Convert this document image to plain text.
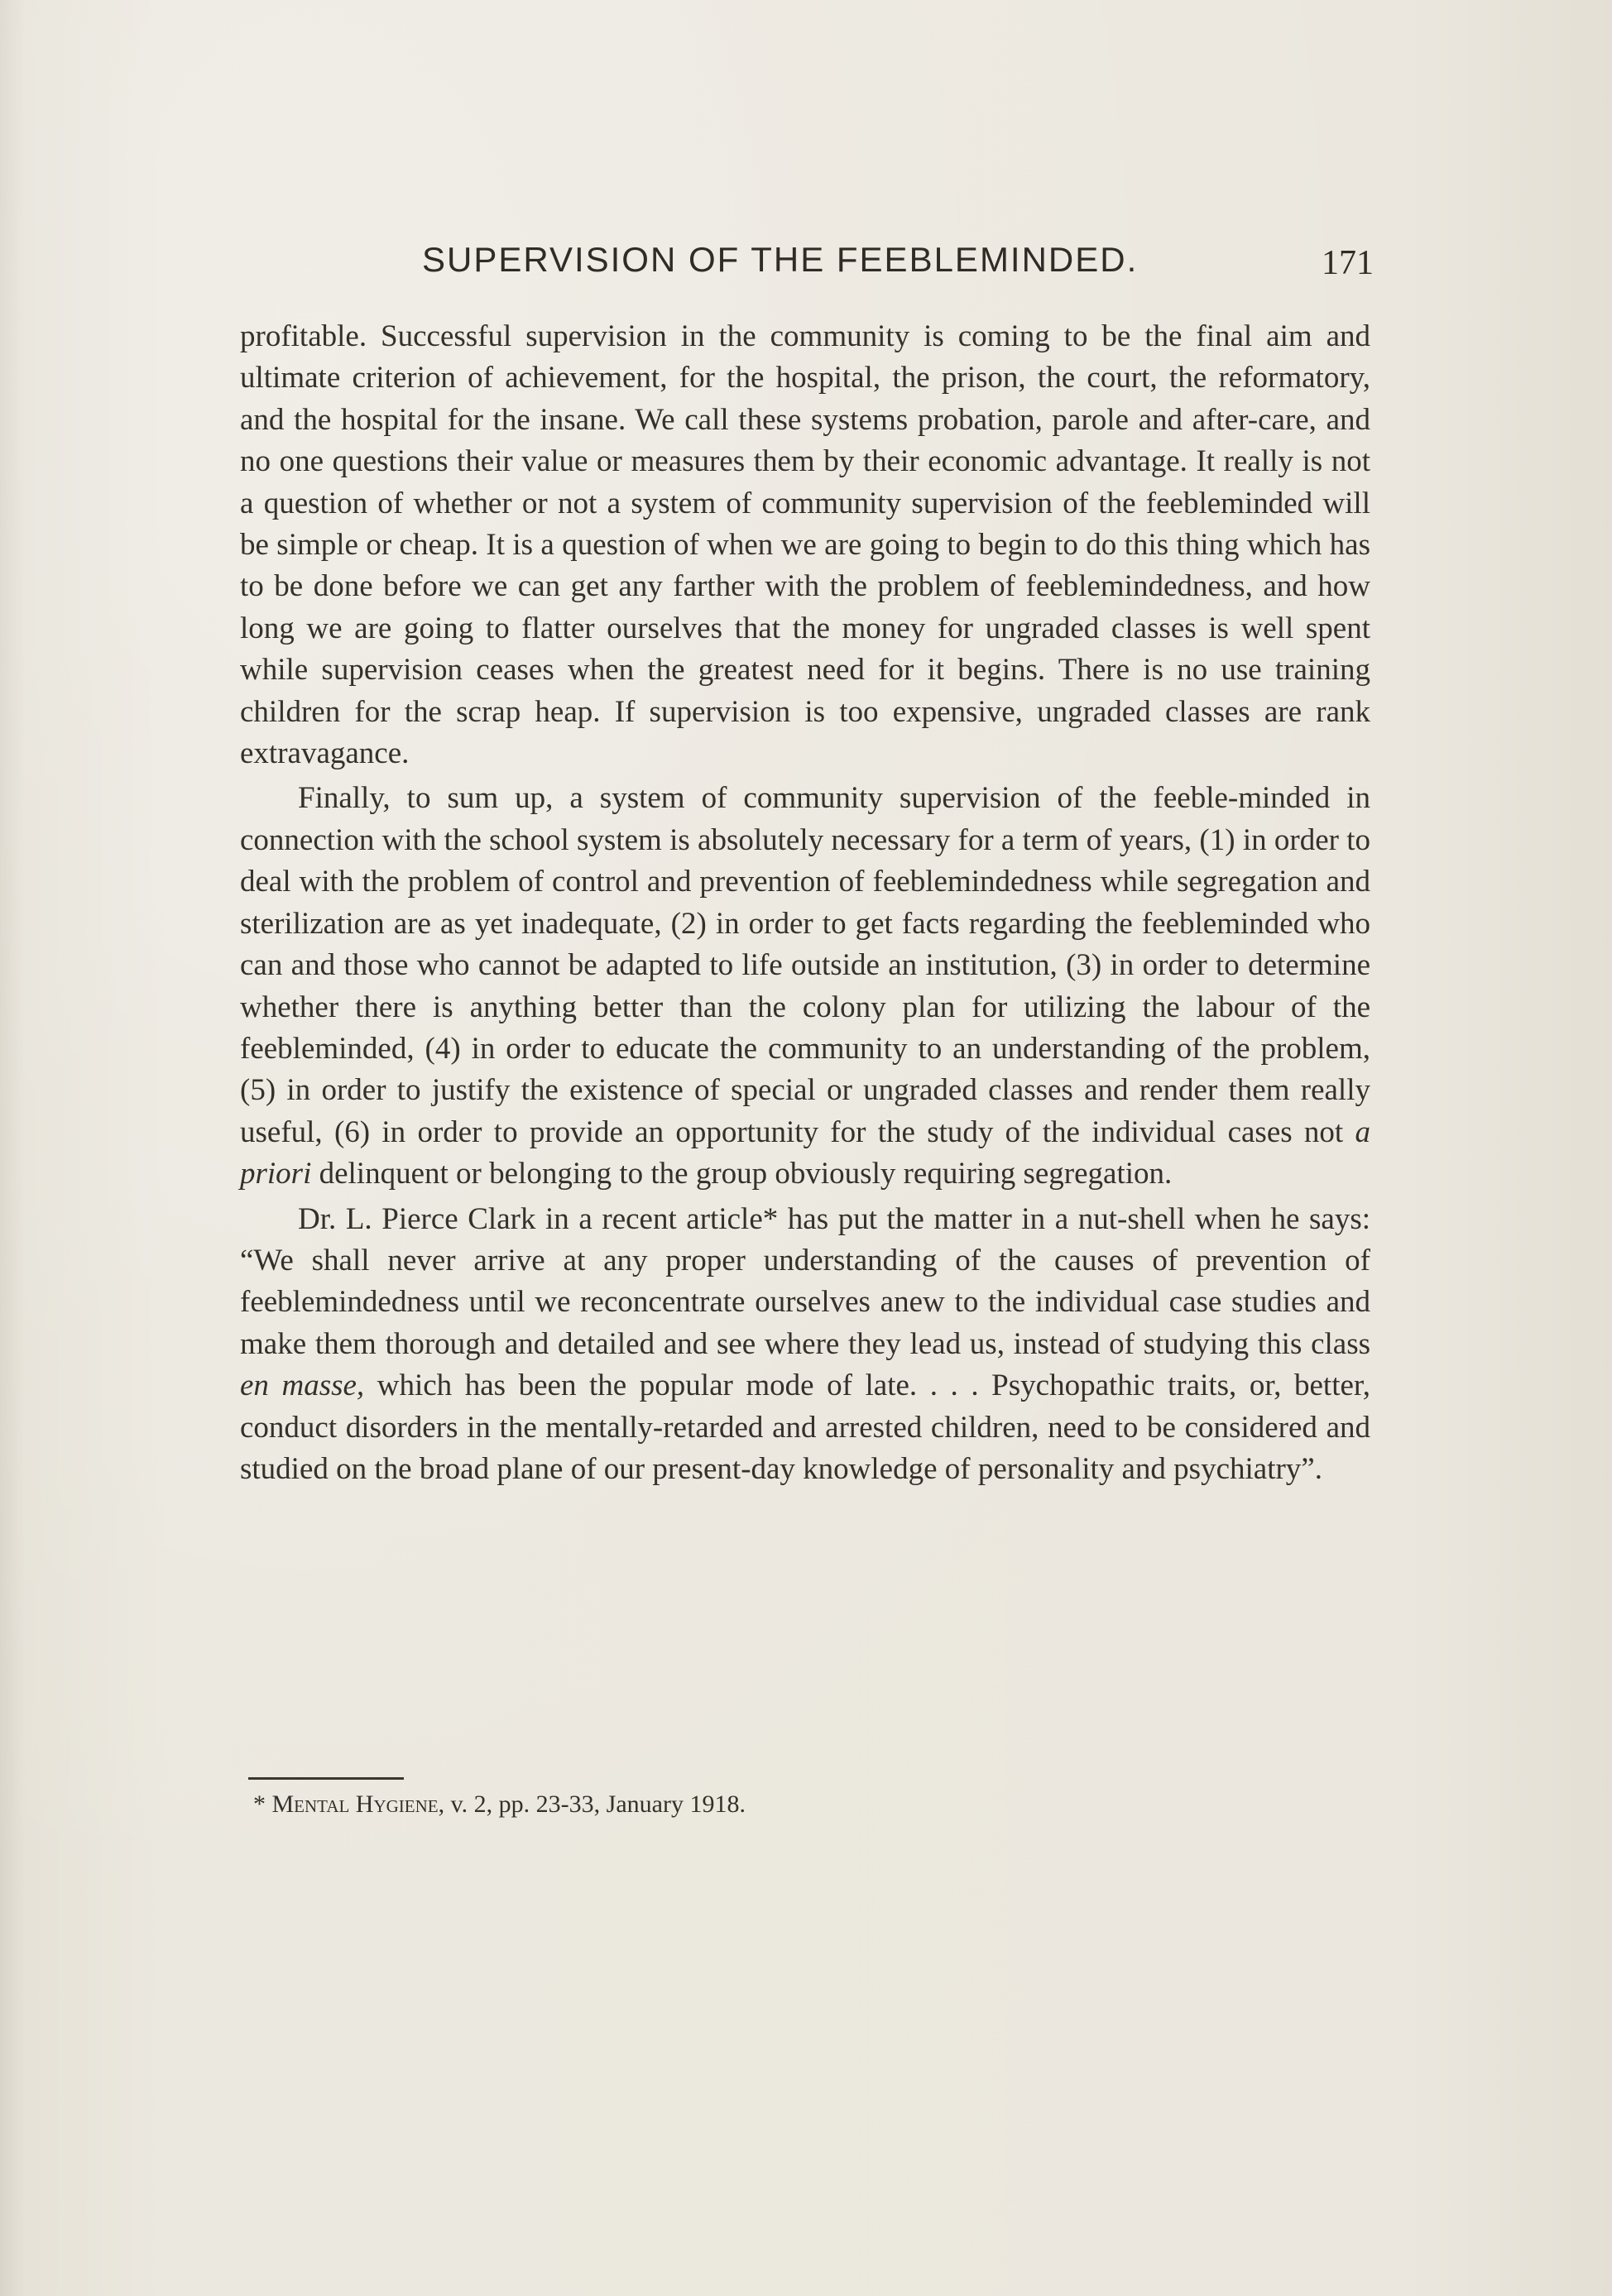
SUPERVISION OF THE FEEBLEMINDED.	171

profitable. Successful supervision in the community is coming to be the final aim and ultimate criterion of achievement, for the hospital, the prison, the court, the reformatory, and the hospital for the insane. We call these systems probation, parole and after-care, and no one questions their value or measures them by their economic advantage. It really is not a question of whether or not a system of community supervision of the feebleminded will be simple or cheap. It is a question of when we are going to begin to do this thing which has to be done before we can get any farther with the problem of feeblemindedness, and how long we are going to flatter ourselves that the money for ungraded classes is well spent while supervision ceases when the greatest need for it begins. There is no use training children for the scrap heap. If supervision is too expensive, ungraded classes are rank extravagance.

Finally, to sum up, a system of community supervision of the feeble-minded in connection with the school system is absolutely necessary for a term of years, (1) in order to deal with the problem of control and prevention of feeblemindedness while segregation and sterilization are as yet inadequate, (2) in order to get facts regarding the feebleminded who can and those who cannot be adapted to life outside an institution, (3) in order to determine whether there is anything better than the colony plan for utilizing the labour of the feebleminded, (4) in order to educate the community to an understanding of the problem, (5) in order to justify the existence of special or ungraded classes and render them really useful, (6) in order to provide an opportunity for the study of the individual cases not a priori delinquent or belonging to the group obviously requiring segregation.

Dr. L. Pierce Clark in a recent article* has put the matter in a nut-shell when he says: “We shall never arrive at any proper understanding of the causes of prevention of feeblemindedness until we reconcentrate ourselves anew to the individual case studies and make them thorough and detailed and see where they lead us, instead of studying this class en masse, which has been the popular mode of late. . . . Psychopathic traits, or, better, conduct disorders in the mentally-retarded and arrested children, need to be considered and studied on the broad plane of our present-day knowledge of personality and psychiatry”.

* Mental Hygiene, v. 2, pp. 23-33, January 1918.
